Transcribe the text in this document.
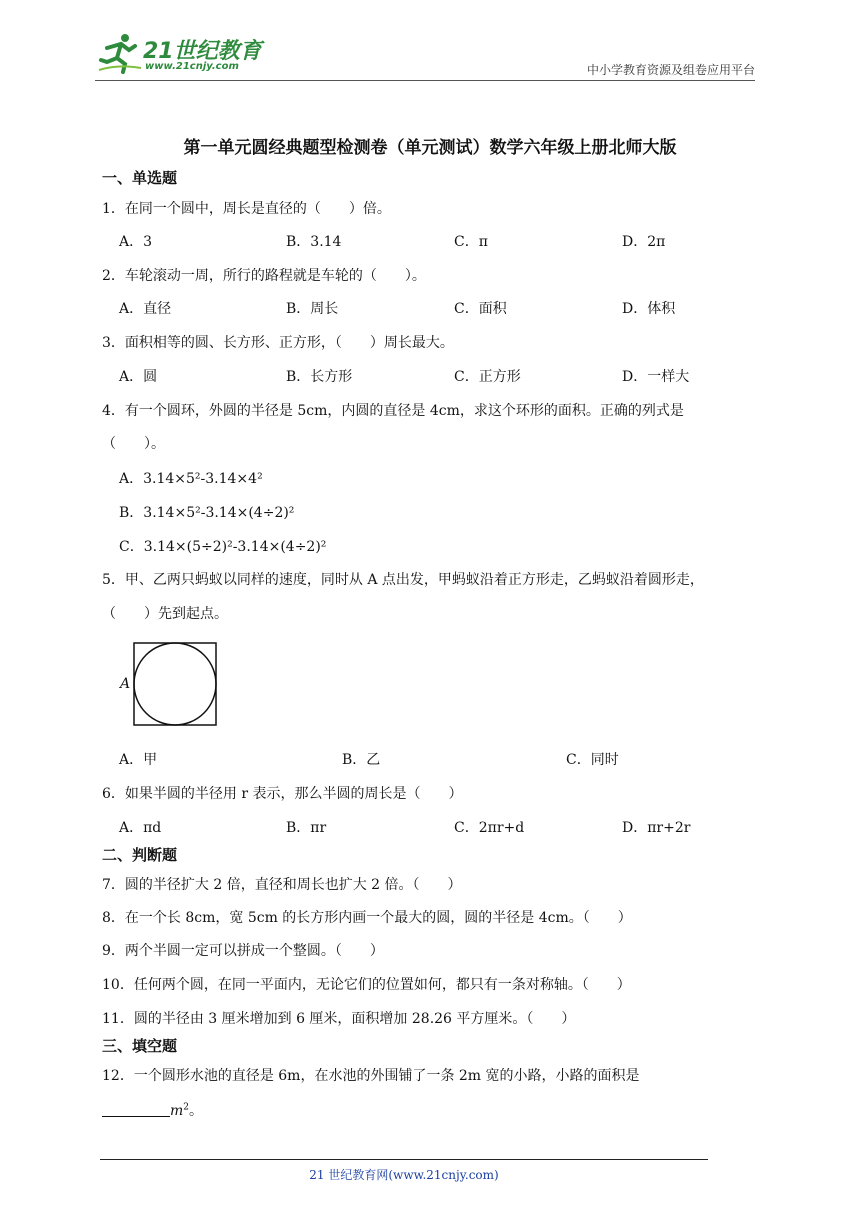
21世纪教育
www.21cnjy.com	中小学教育资源及组卷应用平台
第一单元圆经典题型检测卷（单元测试）数学六年级上册北师大版
一、单选题
1．在同一个圆中，周长是直径的（　　）倍。
A．3	B．3.14	C．π	D．2π
2．车轮滚动一周，所行的路程就是车轮的（　　）。
A．直径	B．周长	C．面积	D．体积
3．面积相等的圆、长方形、正方形，（　　）周长最大。
A．圆	B．长方形	C．正方形	D．一样大
4．有一个圆环，外圆的半径是 5cm，内圆的直径是 4cm，求这个环形的面积。正确的列式是
（　　）。
A．3.14×5²-3.14×4²
B．3.14×5²-3.14×(4÷2)²
C．3.14×(5÷2)²-3.14×(4÷2)²
5．甲、乙两只蚂蚁以同样的速度，同时从 A 点出发，甲蚂蚁沿着正方形走，乙蚂蚁沿着圆形走，
（　　）先到起点。
A
A．甲	B．乙	C．同时
6．如果半圆的半径用 r 表示，那么半圆的周长是（　　）
A．πd	B．πr	C．2πr+d	D．πr+2r
二、判断题
7．圆的半径扩大 2 倍，直径和周长也扩大 2 倍。（　　）
8．在一个长 8cm，宽 5cm 的长方形内画一个最大的圆，圆的半径是 4cm。（　　）
9．两个半圆一定可以拼成一个整圆。（　　）
10．任何两个圆，在同一平面内，无论它们的位置如何，都只有一条对称轴。（　　）
11．圆的半径由 3 厘米增加到 6 厘米，面积增加 28.26 平方厘米。（　　）
三、填空题
12．一个圆形水池的直径是 6m，在水池的外围铺了一条 2m 宽的小路，小路的面积是
$m^2$。
21 世纪教育网(www.21cnjy.com)
